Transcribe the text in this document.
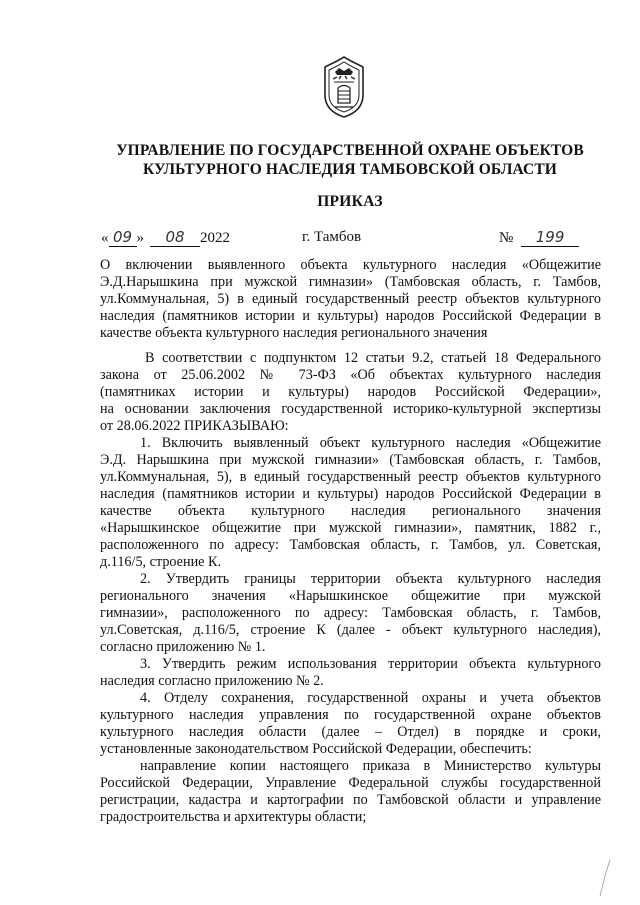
УПРАВЛЕНИЕ ПО ГОСУДАРСТВЕННОЙ ОХРАНЕ ОБЪЕКТОВ
КУЛЬТУРНОГО НАСЛЕДИЯ ТАМБОВСКОЙ ОБЛАСТИ
ПРИКАЗ
« 09 » 08 2022	г. Тамбов	№ 199
О включении выявленного объекта культурного наследия «Общежитие
Э.Д.Нарышкина при мужской гимназии» (Тамбовская область, г. Тамбов,
ул.Коммунальная, 5) в единый государственный реестр объектов культурного
наследия (памятников истории и культуры) народов Российской Федерации в
качестве объекта культурного наследия регионального значения
В соответствии с подпунктом 12 статьи 9.2, статьей 18 Федерального
закона от 25.06.2002 № 73-ФЗ «Об объектах культурного наследия
(памятниках истории и культуры) народов Российской Федерации»,
на основании заключения государственной историко-культурной экспертизы
от 28.06.2022 ПРИКАЗЫВАЮ:
1. Включить выявленный объект культурного наследия «Общежитие
Э.Д. Нарышкина при мужской гимназии» (Тамбовская область, г. Тамбов,
ул.Коммунальная, 5), в единый государственный реестр объектов культурного
наследия (памятников истории и культуры) народов Российской Федерации в
качестве объекта культурного наследия регионального значения
«Нарышкинское общежитие при мужской гимназии», памятник, 1882 г.,
расположенного по адресу: Тамбовская область, г. Тамбов, ул. Советская,
д.116/5, строение К.
2. Утвердить границы территории объекта культурного наследия
регионального значения «Нарышкинское общежитие при мужской
гимназии», расположенного по адресу: Тамбовская область, г. Тамбов,
ул.Советская, д.116/5, строение К (далее - объект культурного наследия),
согласно приложению № 1.
3. Утвердить режим использования территории объекта культурного
наследия согласно приложению № 2.
4. Отделу сохранения, государственной охраны и учета объектов
культурного наследия управления по государственной охране объектов
культурного наследия области (далее – Отдел) в порядке и сроки,
установленные законодательством Российской Федерации, обеспечить:
направление копии настоящего приказа в Министерство культуры
Российской Федерации, Управление Федеральной службы государственной
регистрации, кадастра и картографии по Тамбовской области и управление
градостроительства и архитектуры области;
